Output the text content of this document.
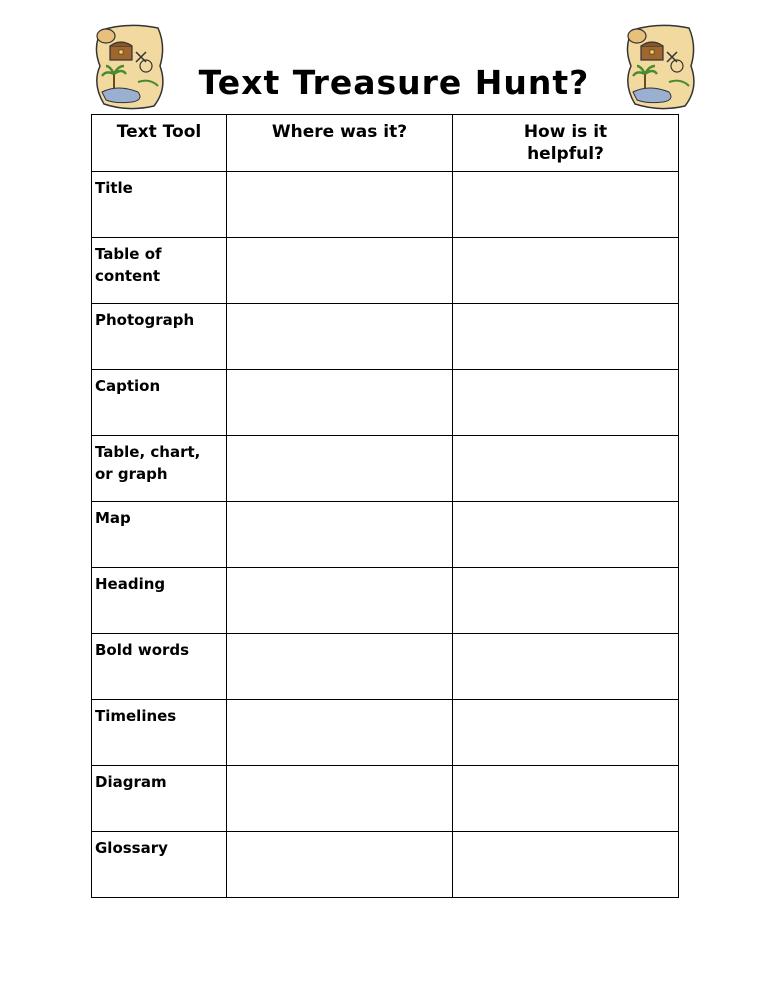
Text Treasure Hunt?
Text Tool	Where was it?	How is it helpful?
Title		
Table of content		
Photograph		
Caption		
Table, chart, or graph		
Map		
Heading		
Bold words		
Timelines		
Diagram		
Glossary		
